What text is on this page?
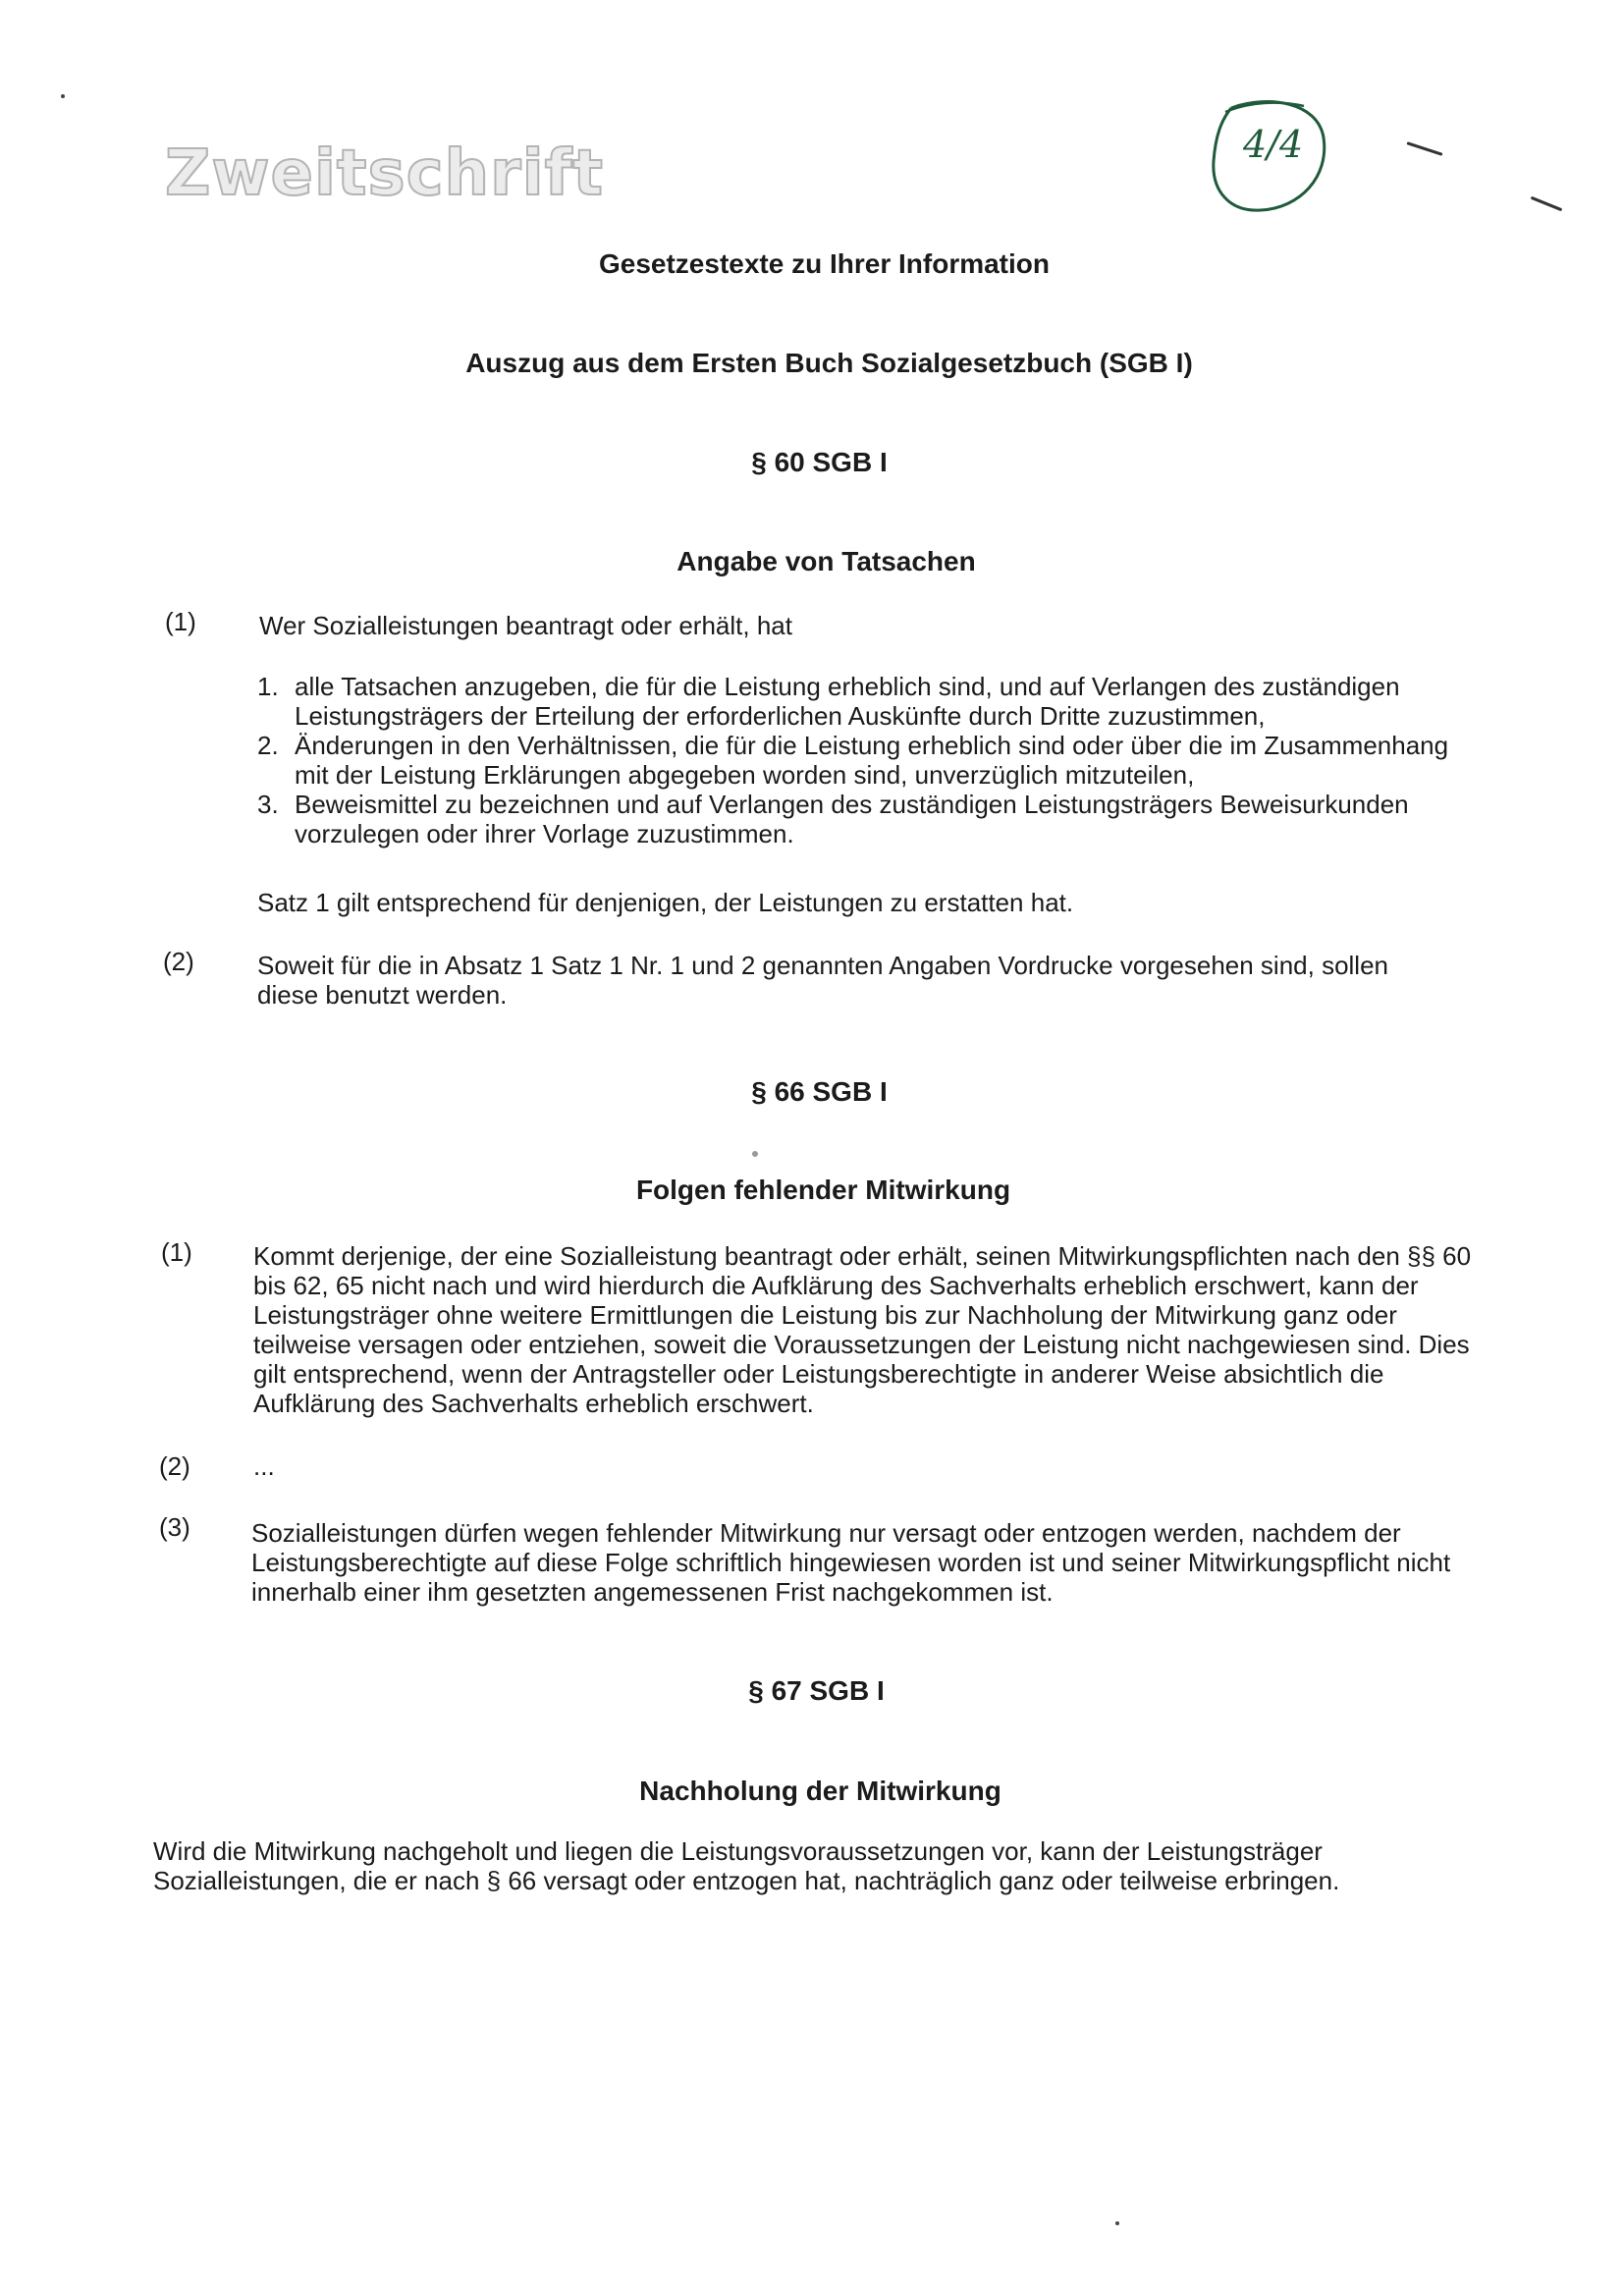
Zweitschrift	4/4
Gesetzestexte zu Ihrer Information
Auszug aus dem Ersten Buch Sozialgesetzbuch (SGB I)
§ 60 SGB I
Angabe von Tatsachen
(1) Wer Sozialleistungen beantragt oder erhält, hat
1. alle Tatsachen anzugeben, die für die Leistung erheblich sind, und auf Verlangen des zuständigen Leistungsträgers der Erteilung der erforderlichen Auskünfte durch Dritte zuzustimmen,
2. Änderungen in den Verhältnissen, die für die Leistung erheblich sind oder über die im Zusammenhang mit der Leistung Erklärungen abgegeben worden sind, unverzüglich mitzuteilen,
3. Beweismittel zu bezeichnen und auf Verlangen des zuständigen Leistungsträgers Beweisurkunden vorzulegen oder ihrer Vorlage zuzustimmen.
Satz 1 gilt entsprechend für denjenigen, der Leistungen zu erstatten hat.
(2) Soweit für die in Absatz 1 Satz 1 Nr. 1 und 2 genannten Angaben Vordrucke vorgesehen sind, sollen diese benutzt werden.
§ 66 SGB I
Folgen fehlender Mitwirkung
(1) Kommt derjenige, der eine Sozialleistung beantragt oder erhält, seinen Mitwirkungspflichten nach den §§ 60 bis 62, 65 nicht nach und wird hierdurch die Aufklärung des Sachverhalts erheblich erschwert, kann der Leistungsträger ohne weitere Ermittlungen die Leistung bis zur Nachholung der Mitwirkung ganz oder teilweise versagen oder entziehen, soweit die Voraussetzungen der Leistung nicht nachgewiesen sind. Dies gilt entsprechend, wenn der Antragsteller oder Leistungsberechtigte in anderer Weise absichtlich die Aufklärung des Sachverhalts erheblich erschwert.
(2) ...
(3) Sozialleistungen dürfen wegen fehlender Mitwirkung nur versagt oder entzogen werden, nachdem der Leistungsberechtigte auf diese Folge schriftlich hingewiesen worden ist und seiner Mitwirkungspflicht nicht innerhalb einer ihm gesetzten angemessenen Frist nachgekommen ist.
§ 67 SGB I
Nachholung der Mitwirkung
Wird die Mitwirkung nachgeholt und liegen die Leistungsvoraussetzungen vor, kann der Leistungsträger Sozialleistungen, die er nach § 66 versagt oder entzogen hat, nachträglich ganz oder teilweise erbringen.
